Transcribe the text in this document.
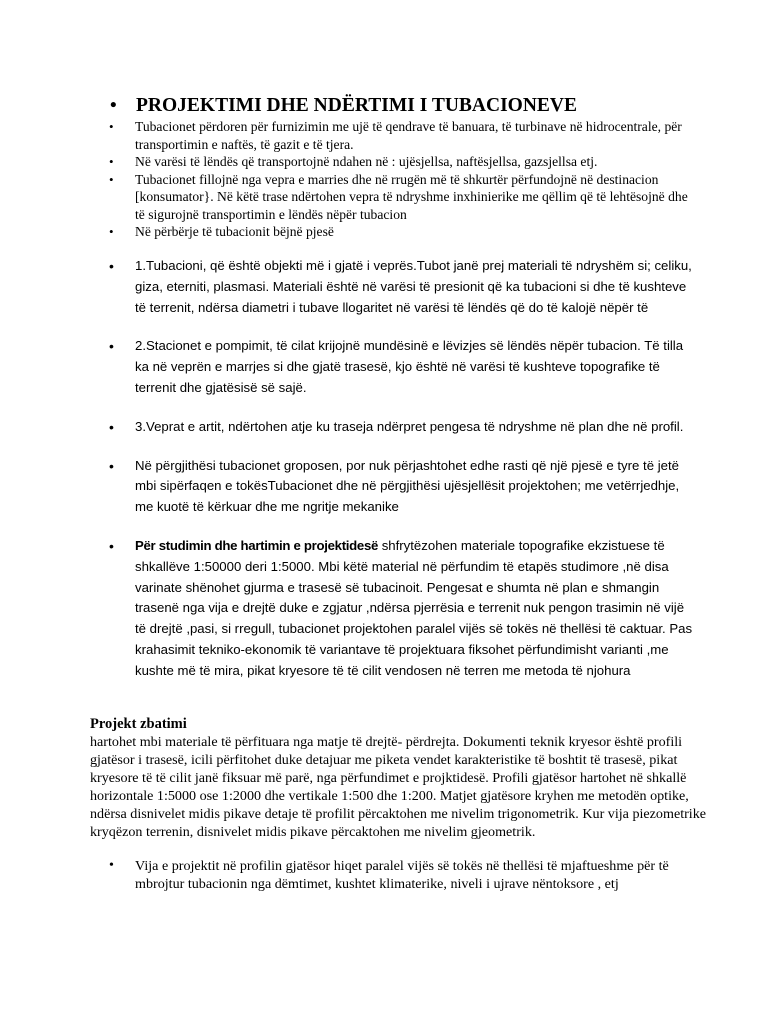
• PROJEKTIMI DHE NDËRTIMI I TUBACIONEVE
• Tubacionet përdoren për furnizimin me ujë të qendrave të banuara, të turbinave në hidrocentrale, për transportimin e naftës, të gazit e të tjera.
• Në varësi të lëndës që transportojnë ndahen në : ujësjellsa, naftësjellsa, gazsjellsa etj.
• Tubacionet fillojnë nga vepra e marries dhe në rrugën më të shkurtër përfundojnë në destinacion [konsumator}. Në këtë trase ndërtohen vepra të ndryshme inxhinierike me qëllim që të lehtësojnë dhe të sigurojnë transportimin e lëndës nëpër tubacion
• Në përbërje të tubacionit bëjnë pjesë
• 1.Tubacioni, që është objekti më i gjatë i veprës.Tubot janë prej materiali të ndryshëm si; celiku, giza, eterniti, plasmasi. Materiali është në varësi të presionit që ka tubacioni si dhe të kushteve të terrenit, ndërsa diametri i tubave llogaritet në varësi të lëndës që do të kalojë nëpër të
• 2.Stacionet e pompimit, të cilat krijojnë mundësinë e lëvizjes së lëndës nëpër tubacion. Të tilla ka në veprën e marrjes si dhe gjatë trasesë, kjo është në varësi të kushteve topografike të terrenit dhe gjatësisë së sajë.
• 3.Veprat e artit, ndërtohen atje ku traseja ndërpret pengesa të ndryshme në plan dhe në profil.
• Në përgjithësi tubacionet groposen, por nuk përjashtohet edhe rasti që një pjesë e tyre të jetë mbi sipërfaqen e tokësTubacionet dhe në përgjithësi ujësjellësit projektohen; me vetërrjedhje, me kuotë të kërkuar dhe me ngritje mekanike
• Për studimin dhe hartimin e projektidesë shfrytëzohen materiale topografike ekzistuese të shkallëve 1:50000 deri 1:5000. Mbi këtë material në përfundim të etapës studimore ,në disa varinate shënohet gjurma e trasesë së tubacinoit. Pengesat e shumta në plan e shmangin trasenë nga vija e drejtë duke e zgjatur ,ndërsa pjerrësia e terrenit nuk pengon trasimin në vijë të drejtë ,pasi, si rregull, tubacionet projektohen paralel vijës së tokës në thellësi të caktuar. Pas krahasimit tekniko-ekonomik të variantave të projektuara fiksohet përfundimisht varianti ,me kushte më të mira, pikat kryesore të të cilit vendosen në terren me metoda të njohura
Projekt zbatimi
hartohet mbi materiale të përfituara nga matje të drejtë- përdrejta. Dokumenti teknik kryesor është profili gjatësor i trasesë, icili përfitohet duke detajuar me piketa vendet karakteristike të boshtit të trasesë, pikat kryesore të të cilit janë fiksuar më parë, nga përfundimet e projktidesë. Profili gjatësor hartohet në shkallë horizontale 1:5000 ose 1:2000 dhe vertikale 1:500 dhe 1:200. Matjet gjatësore kryhen me metodën optike, ndërsa disnivelet midis pikave detaje të profilit përcaktohen me nivelim trigonometrik. Kur vija piezometrike kryqëzon terrenin, disnivelet midis pikave përcaktohen me nivelim gjeometrik.
• Vija e projektit në profilin gjatësor hiqet paralel vijës së tokës në thellësi të mjaftueshme për të mbrojtur tubacionin nga dëmtimet, kushtet klimaterike, niveli i ujrave nëntoksore , etj
